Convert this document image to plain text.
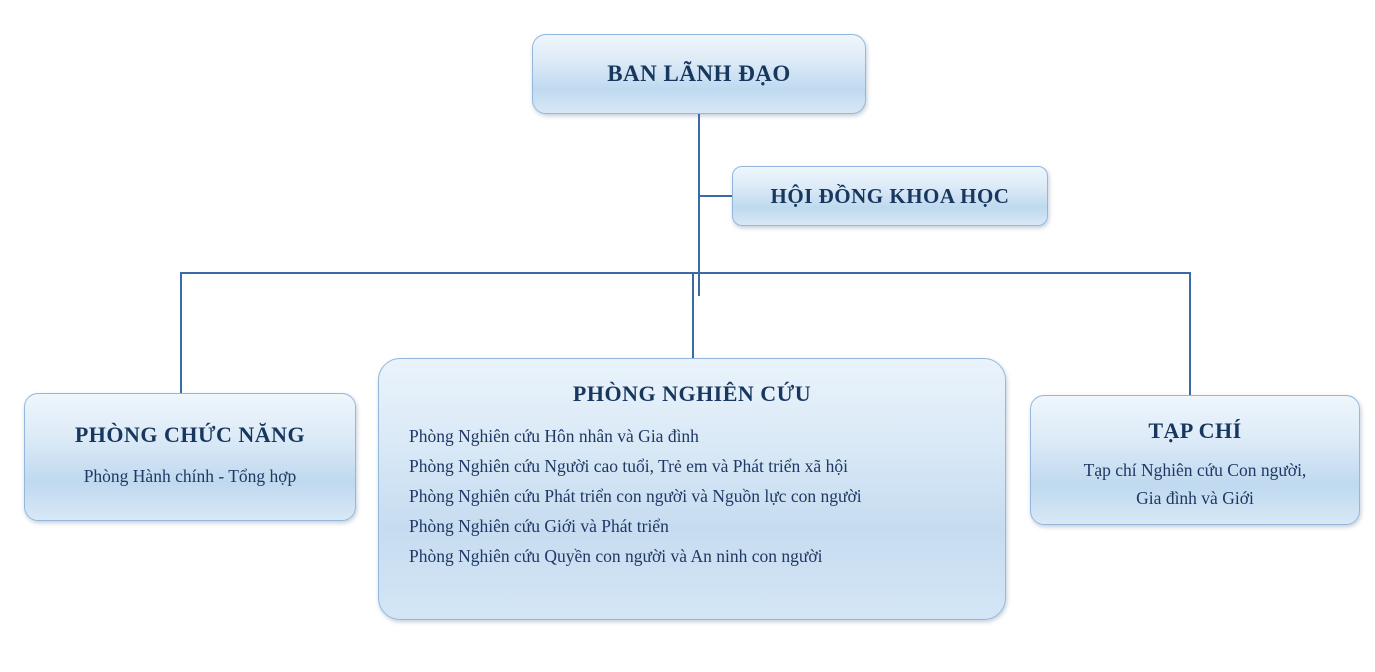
BAN LÃNH ĐẠO
HỘI ĐỒNG KHOA HỌC
PHÒNG CHỨC NĂNG
Phòng Hành chính - Tổng hợp
PHÒNG NGHIÊN CỨU
Phòng Nghiên cứu Hôn nhân và Gia đình
Phòng Nghiên cứu Người cao tuổi, Trẻ em và Phát triển xã hội
Phòng Nghiên cứu Phát triển con người và Nguồn lực con người
Phòng Nghiên cứu Giới và Phát triển
Phòng Nghiên cứu Quyền con người và An ninh con người
TẠP CHÍ
Tạp chí Nghiên cứu Con người,
Gia đình và Giới
